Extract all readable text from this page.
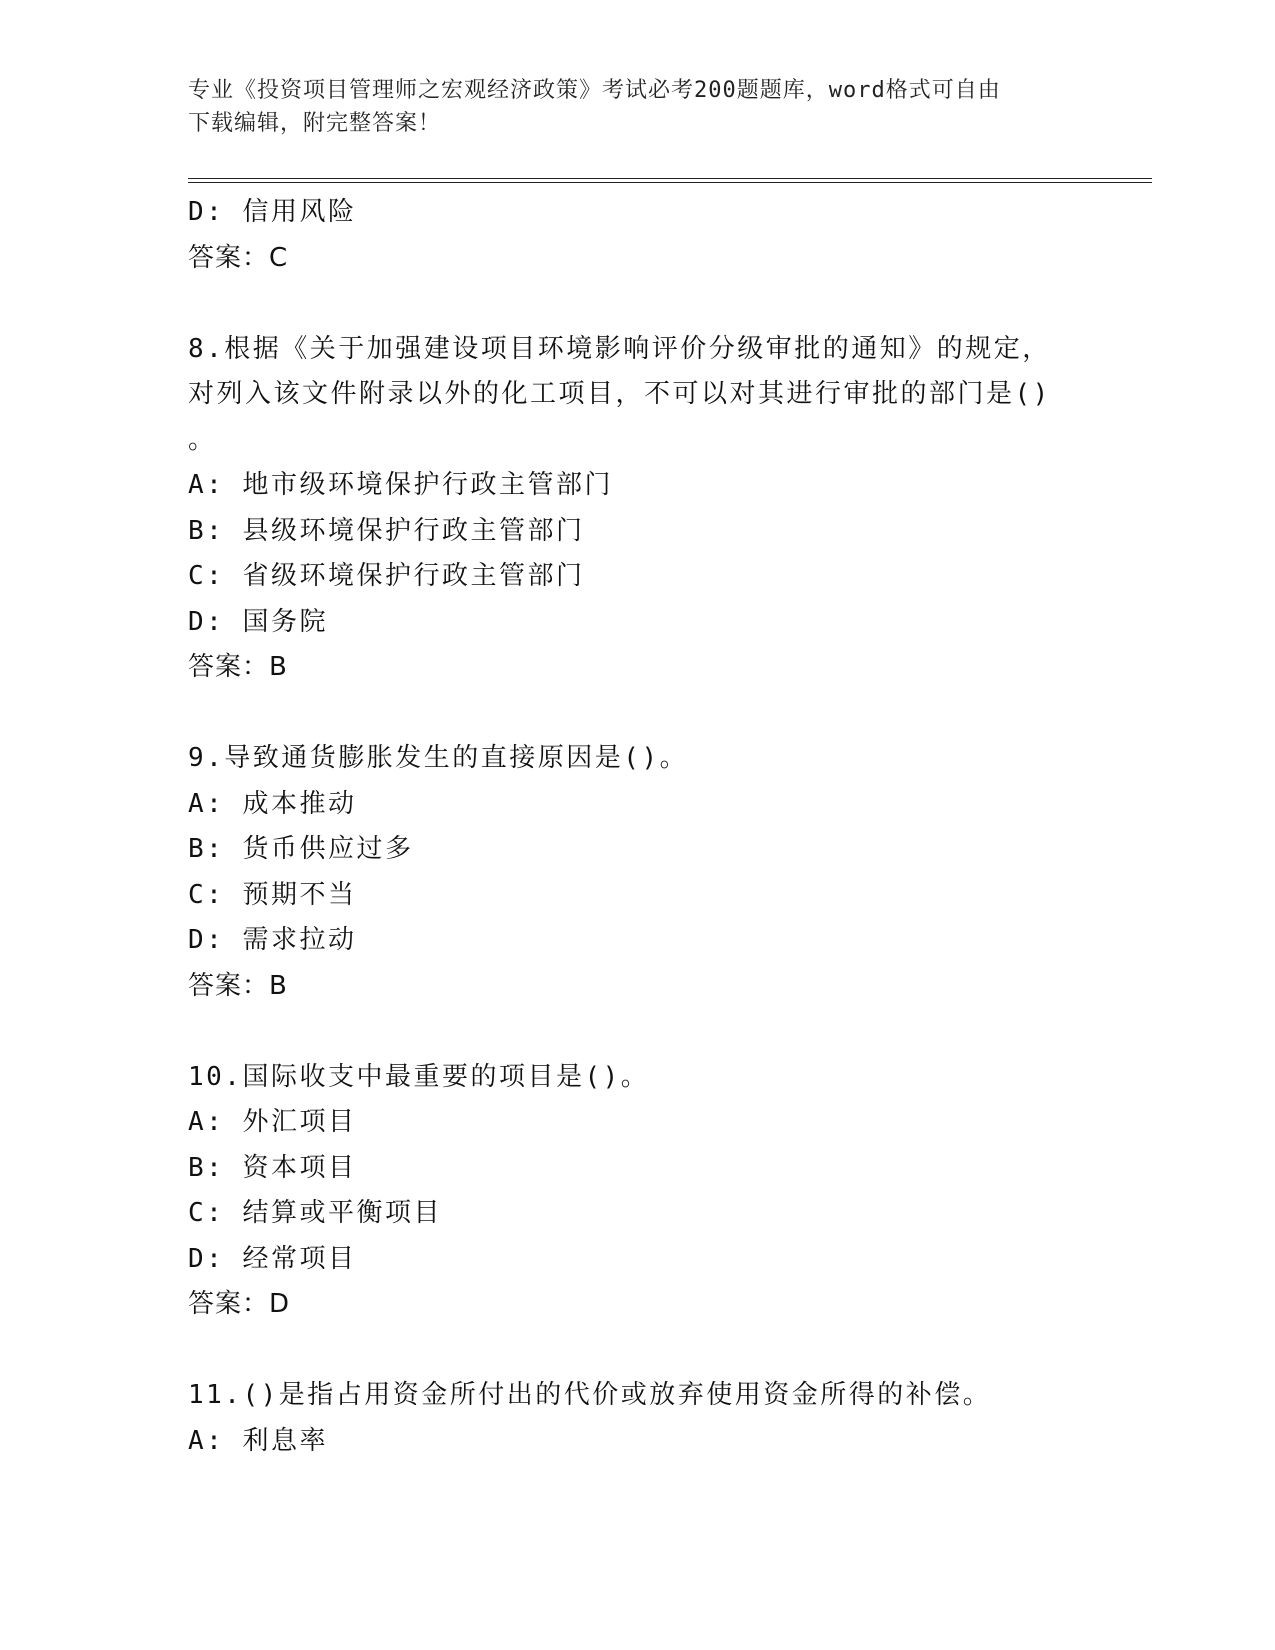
专业《投资项目管理师之宏观经济政策》考试必考200题题库，word格式可自由
下载编辑，附完整答案！
D: 信用风险
答案：C
8.根据《关于加强建设项目环境影响评价分级审批的通知》的规定，
对列入该文件附录以外的化工项目，不可以对其进行审批的部门是()
。
A: 地市级环境保护行政主管部门
B: 县级环境保护行政主管部门
C: 省级环境保护行政主管部门
D: 国务院
答案：B
9.导致通货膨胀发生的直接原因是()。
A: 成本推动
B: 货币供应过多
C: 预期不当
D: 需求拉动
答案：B
10.国际收支中最重要的项目是()。
A: 外汇项目
B: 资本项目
C: 结算或平衡项目
D: 经常项目
答案：D
11.()是指占用资金所付出的代价或放弃使用资金所得的补偿。
A: 利息率
